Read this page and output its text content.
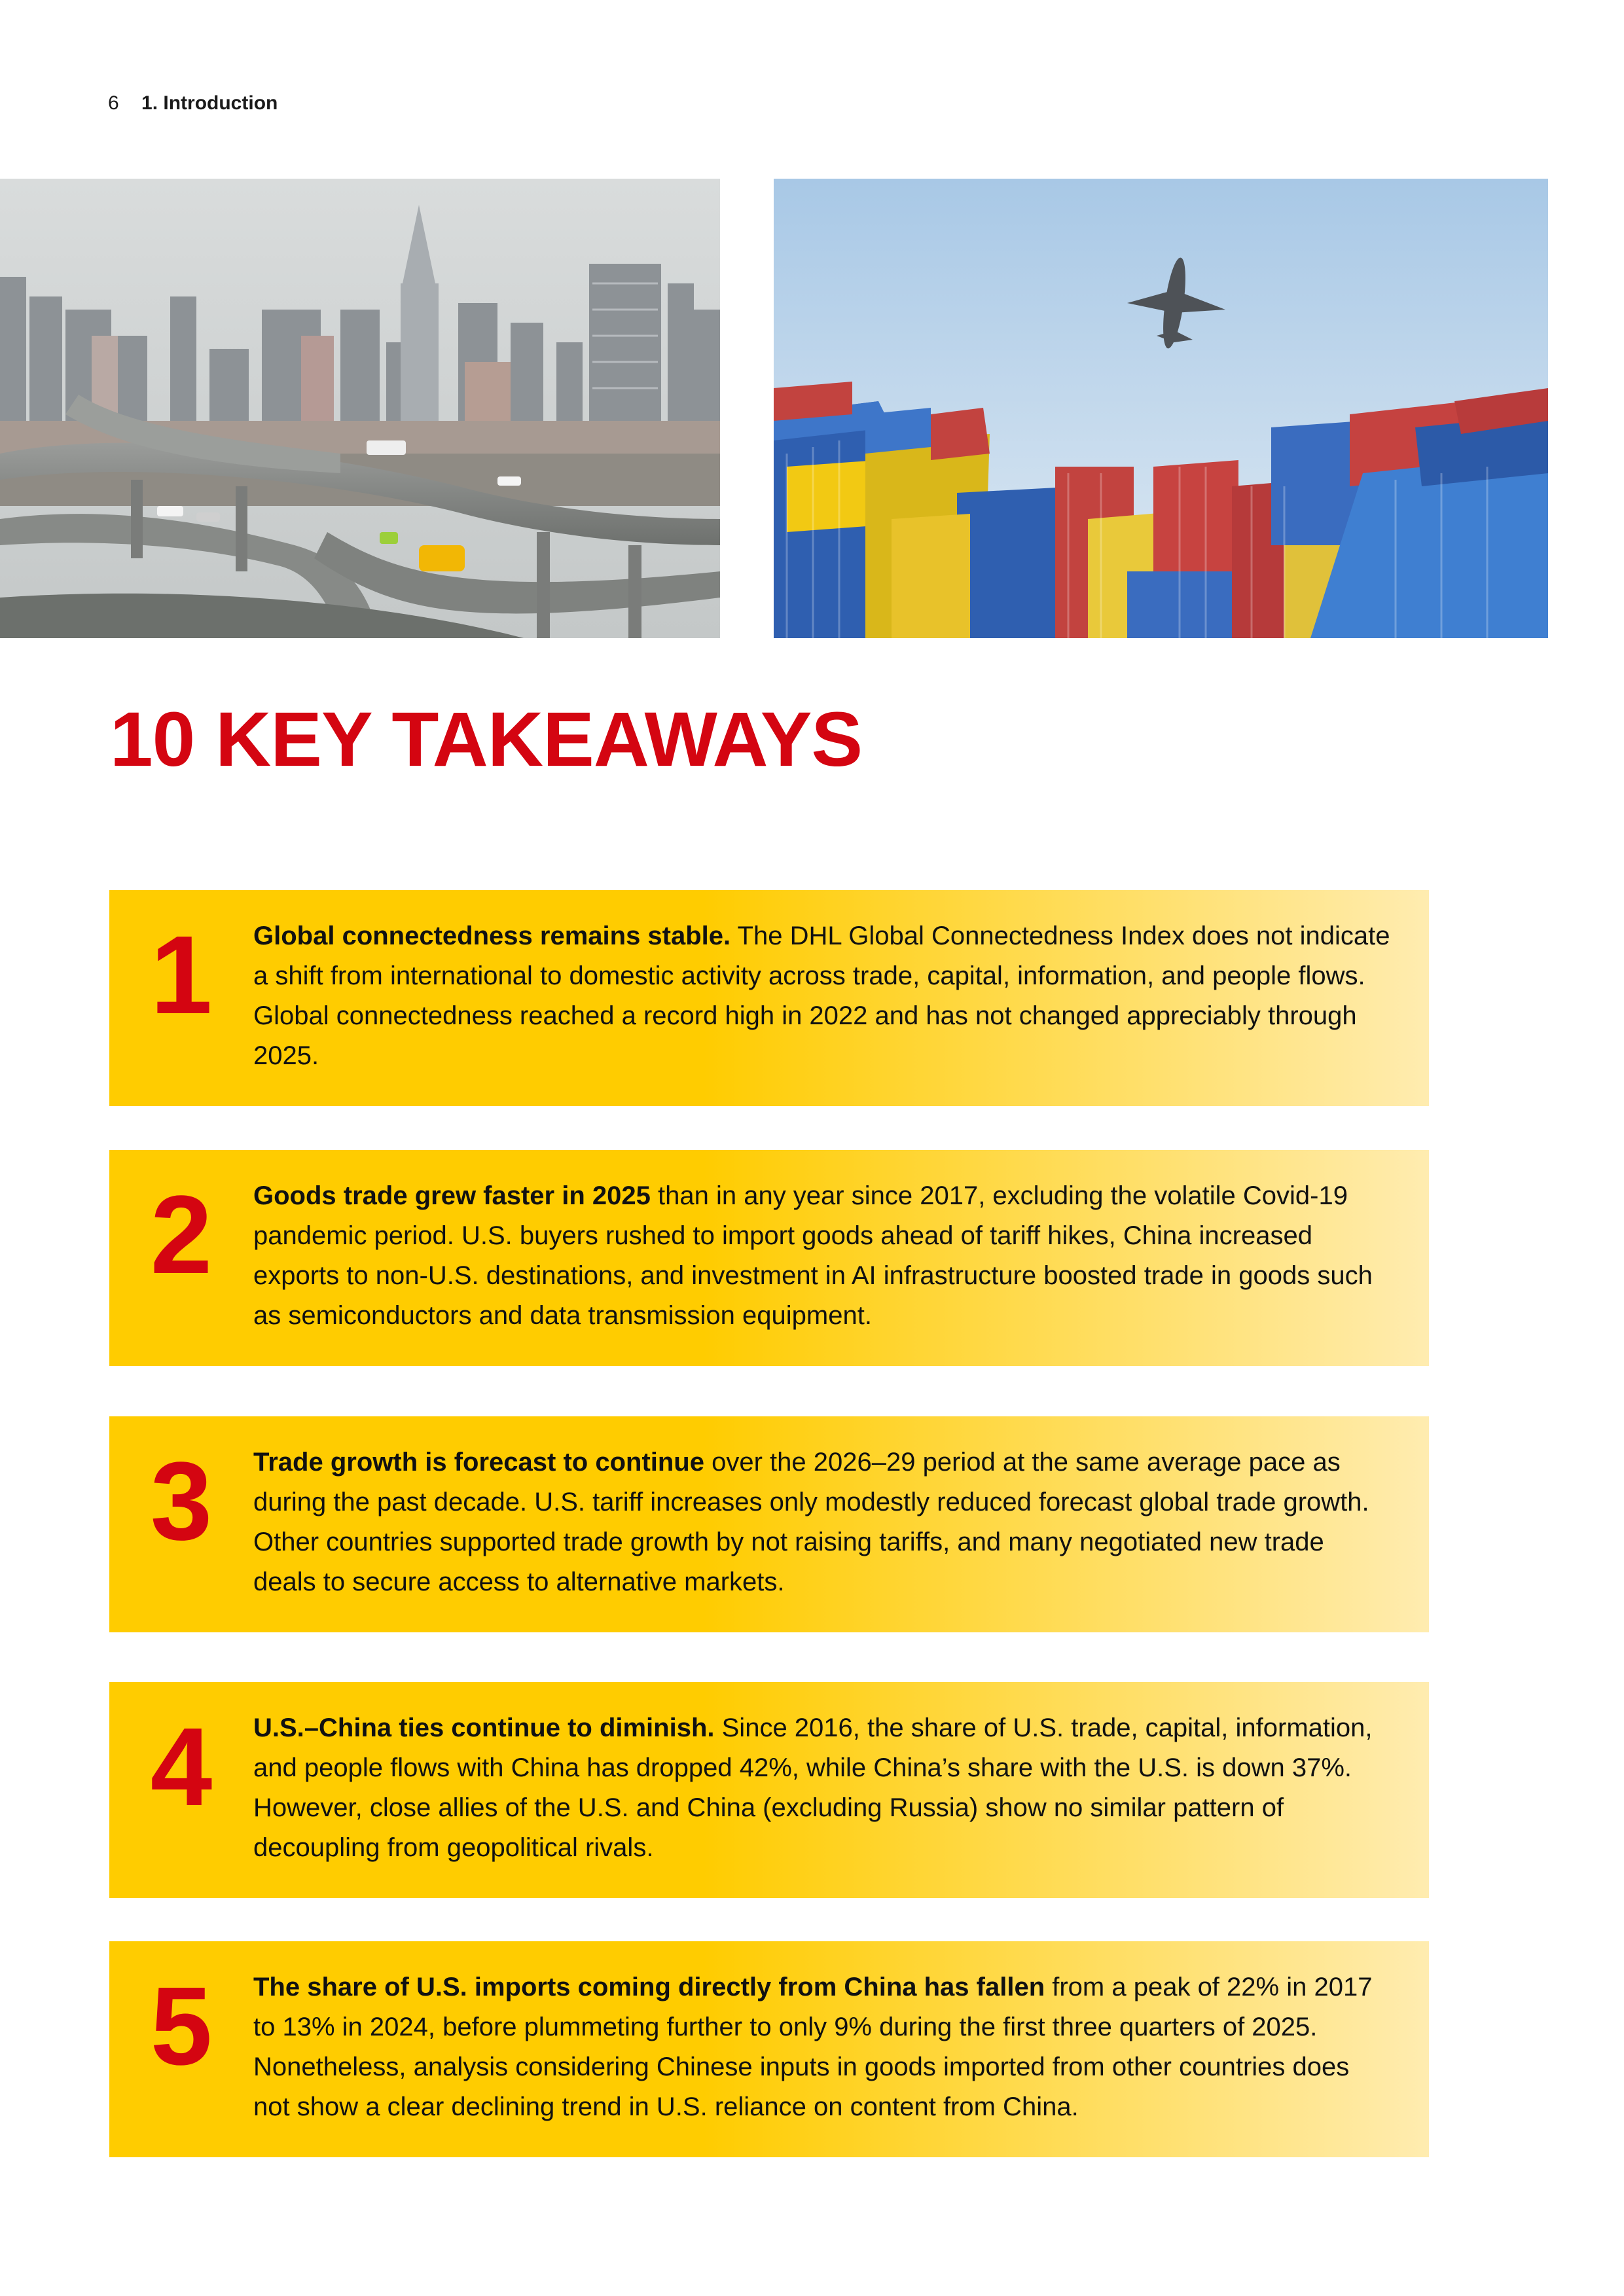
6 1. Introduction
10 KEY TAKEAWAYS
1	Global connectedness remains stable. The DHL Global Connectedness Index does not indicate a shift from international to domestic activity across trade, capital, information, and people flows. Global connectedness reached a record high in 2022 and has not changed appreciably through 2025.

2	Goods trade grew faster in 2025 than in any year since 2017, excluding the volatile Covid-19 pandemic period. U.S. buyers rushed to import goods ahead of tariff hikes, China increased exports to non-U.S. destinations, and investment in AI infrastructure boosted trade in goods such as semiconductors and data transmission equipment.

3	Trade growth is forecast to continue over the 2026–29 period at the same average pace as during the past decade. U.S. tariff increases only modestly reduced forecast global trade growth. Other countries supported trade growth by not raising tariffs, and many negotiated new trade deals to secure access to alternative markets.

4	U.S.–China ties continue to diminish. Since 2016, the share of U.S. trade, capital, information, and people flows with China has dropped 42%, while China’s share with the U.S. is down 37%. However, close allies of the U.S. and China (excluding Russia) show no similar pattern of decoupling from geopolitical rivals.

5	The share of U.S. imports coming directly from China has fallen from a peak of 22% in 2017 to 13% in 2024, before plummeting further to only 9% during the first three quarters of 2025. Nonetheless, analysis considering Chinese inputs in goods imported from other countries does not show a clear declining trend in U.S. reliance on content from China.
